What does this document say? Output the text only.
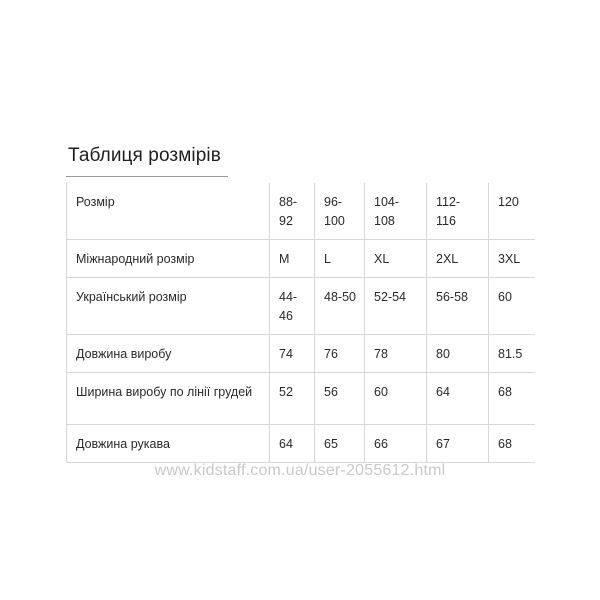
Таблиця розмірів
Розмір	88-92	96-100	104-108	112-116	120
Міжнародний розмір	M	L	XL	2XL	3XL
Український розмір	44-46	48-50	52-54	56-58	60
Довжина виробу	74	76	78	80	81.5
Ширина виробу по лінії грудей	52	56	60	64	68
Довжина рукава	64	65	66	67	68
www.kidstaff.com.ua/user-2055612.html
